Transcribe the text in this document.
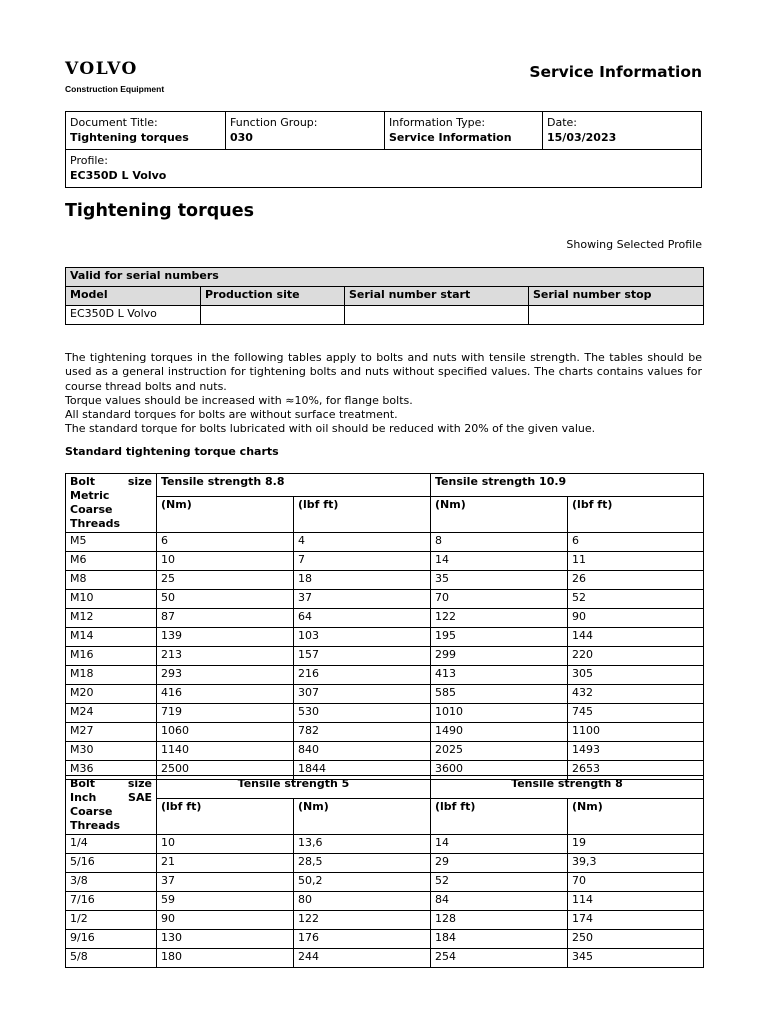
VOLVO
Construction Equipment
Service Information
Document Title:
Tightening torques
Function Group:
030
Information Type:
Service Information
Date:
15/03/2023
Profile:
EC350D L Volvo
Tightening torques
Showing Selected Profile
Valid for serial numbers			
Model	Production site	Serial number start	Serial number stop
EC350D L Volvo			

The tightening torques in the following tables apply to bolts and nuts with tensile strength. The tables should be used as a general instruction for tightening bolts and nuts without specified values. The charts contains values for course thread bolts and nuts.

Torque values should be increased with ≈10%, for flange bolts.

All standard torques for bolts are without surface treatment.

The standard torque for bolts lubricated with oil should be reduced with 20% of the given value.

Standard tightening torque charts
Bolt size Metric Coarse Threads	Tensile strength 8.8		Tensile strength 10.9	
	(Nm)	(lbf ft)	(Nm)	(lbf ft)
M5	6	4	8	6
M6	10	7	14	11
M8	25	18	35	26
M10	50	37	70	52
M12	87	64	122	90
M14	139	103	195	144
M16	213	157	299	220
M18	293	216	413	305
M20	416	307	585	432
M24	719	530	1010	745
M27	1060	782	1490	1100
M30	1140	840	2025	1493
M36	2500	1844	3600	2653
Bolt size Inch SAE Coarse Threads	Tensile strength 5		Tensile strength 8	
	(lbf ft)	(Nm)	(lbf ft)	(Nm)
1/4	10	13,6	14	19
5/16	21	28,5	29	39,3
3/8	37	50,2	52	70
7/16	59	80	84	114
1/2	90	122	128	174
9/16	130	176	184	250
5/8	180	244	254	345
